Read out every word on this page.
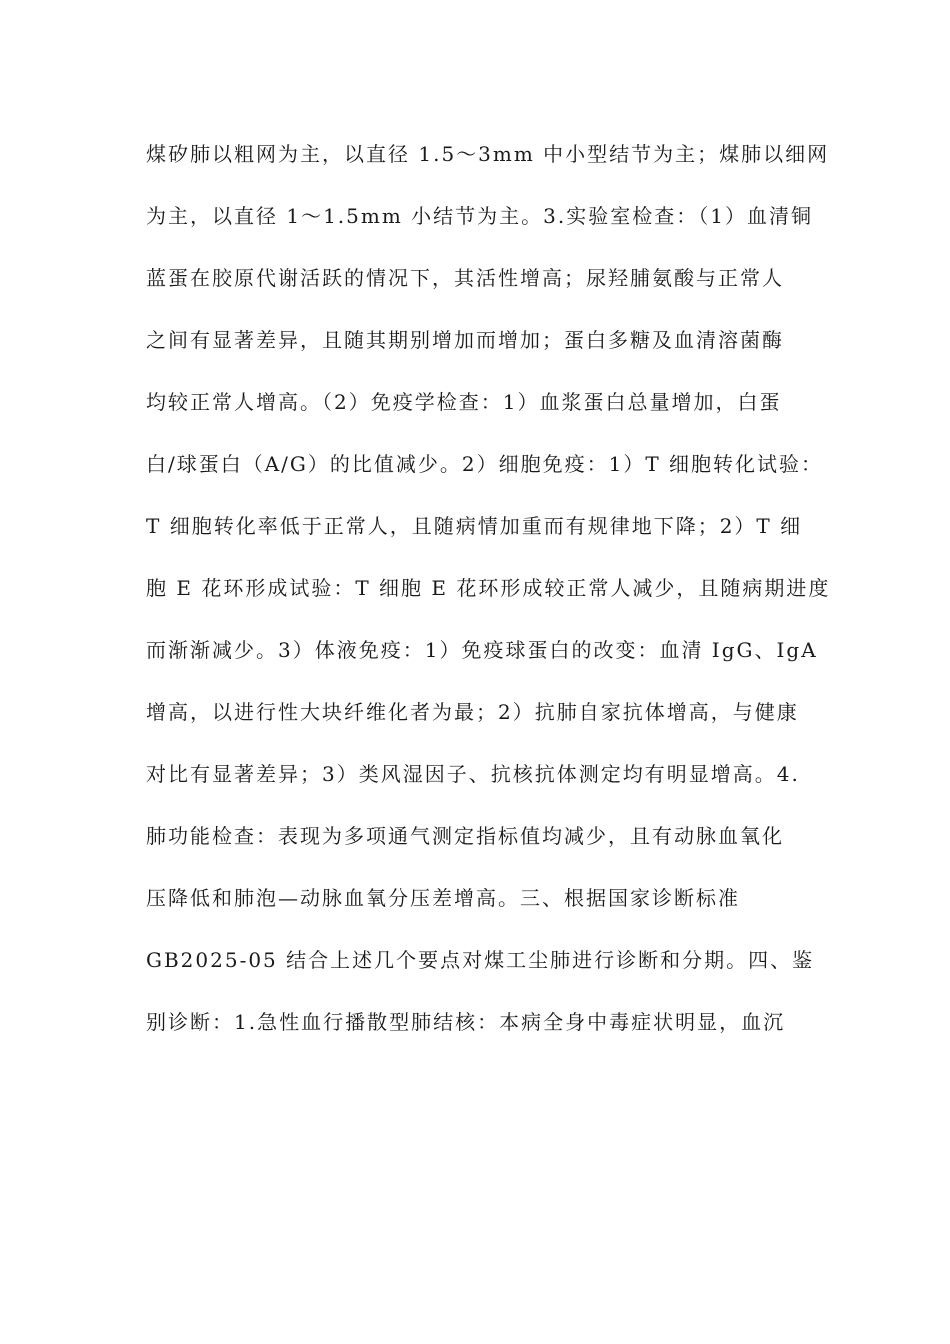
煤矽肺以粗网为主，以直径 1.5～3mm 中小型结节为主；煤肺以细网
为主，以直径 1～1.5mm 小结节为主。3.实验室检查：（1）血清铜
蓝蛋在胶原代谢活跃的情况下，其活性增高；尿羟脯氨酸与正常人
之间有显著差异，且随其期别增加而增加；蛋白多糖及血清溶菌酶
均较正常人增高。（2）免疫学检查：1）血浆蛋白总量增加，白蛋
白/球蛋白（A/G）的比值减少。2）细胞免疫：1）T 细胞转化试验：
T 细胞转化率低于正常人，且随病情加重而有规律地下降；2）T 细
胞 E 花环形成试验：T 细胞 E 花环形成较正常人减少，且随病期进度
而渐渐减少。3）体液免疫：1）免疫球蛋白的改变：血清 IgG、IgA
增高，以进行性大块纤维化者为最；2）抗肺自家抗体增高，与健康
对比有显著差异；3）类风湿因子、抗核抗体测定均有明显增高。4.
肺功能检查：表现为多项通气测定指标值均减少，且有动脉血氧化
压降低和肺泡—动脉血氧分压差增高。三、根据国家诊断标准
GB2025-05 结合上述几个要点对煤工尘肺进行诊断和分期。四、鉴
别诊断：1.急性血行播散型肺结核：本病全身中毒症状明显，血沉
